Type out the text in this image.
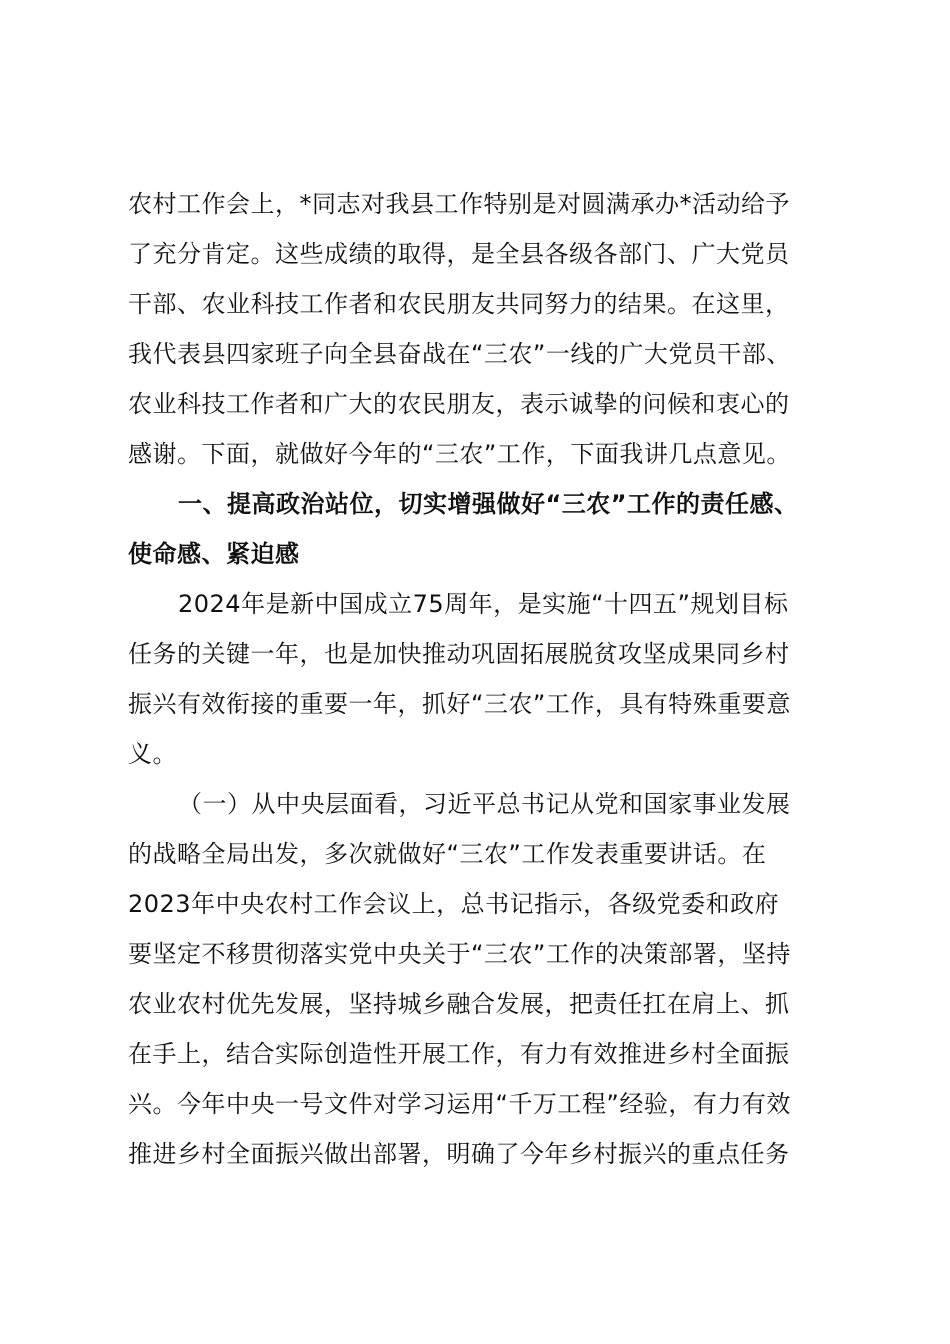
农村工作会上，*同志对我县工作特别是对圆满承办*活动给予
了充分肯定。这些成绩的取得，是全县各级各部门、广大党员
干部、农业科技工作者和农民朋友共同努力的结果。在这里，
我代表县四家班子向全县奋战在“三农”一线的广大党员干部、
农业科技工作者和广大的农民朋友，表示诚挚的问候和衷心的
感谢。下面，就做好今年的“三农”工作，下面我讲几点意见。
一、提高政治站位，切实增强做好“三农”工作的责任感、
使命感、紧迫感
2024年是新中国成立75周年，是实施“十四五”规划目标
任务的关键一年，也是加快推动巩固拓展脱贫攻坚成果同乡村
振兴有效衔接的重要一年，抓好“三农”工作，具有特殊重要意
义。
（一）从中央层面看，习近平总书记从党和国家事业发展
的战略全局出发，多次就做好“三农”工作发表重要讲话。在
2023年中央农村工作会议上，总书记指示，各级党委和政府
要坚定不移贯彻落实党中央关于“三农”工作的决策部署，坚持
农业农村优先发展，坚持城乡融合发展，把责任扛在肩上、抓
在手上，结合实际创造性开展工作，有力有效推进乡村全面振
兴。今年中央一号文件对学习运用“千万工程”经验，有力有效
推进乡村全面振兴做出部署，明确了今年乡村振兴的重点任务
